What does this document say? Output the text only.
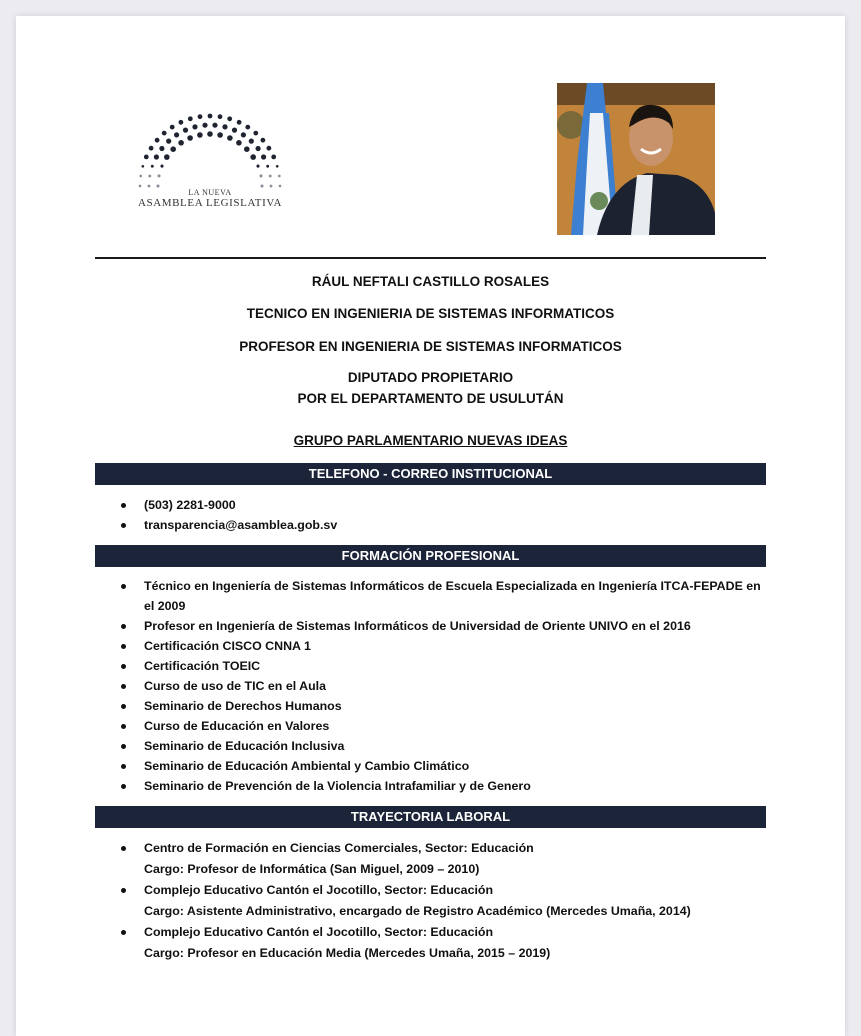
LA NUEVA
ASAMBLEA LEGISLATIVA
RÁUL NEFTALI CASTILLO ROSALES
TECNICO EN INGENIERIA DE SISTEMAS INFORMATICOS
PROFESOR EN INGENIERIA DE SISTEMAS INFORMATICOS
DIPUTADO PROPIETARIO
POR EL DEPARTAMENTO DE USULUTÁN
GRUPO PARLAMENTARIO NUEVAS IDEAS
TELEFONO - CORREO INSTITUCIONAL
(503) 2281-9000
transparencia@asamblea.gob.sv
FORMACIÓN PROFESIONAL
Técnico en Ingeniería de Sistemas Informáticos de Escuela Especializada en Ingeniería ITCA-FEPADE en el 2009
Profesor en Ingeniería de Sistemas Informáticos de Universidad de Oriente UNIVO en el 2016
Certificación CISCO CNNA 1
Certificación TOEIC
Curso de uso de TIC en el Aula
Seminario de Derechos Humanos
Curso de Educación en Valores
Seminario de Educación Inclusiva
Seminario de Educación Ambiental y Cambio Climático
Seminario de Prevención de la Violencia Intrafamiliar y de Genero
TRAYECTORIA LABORAL
Centro de Formación en Ciencias Comerciales, Sector: Educación
Cargo: Profesor de Informática (San Miguel, 2009 – 2010)
Complejo Educativo Cantón el Jocotillo, Sector: Educación
Cargo: Asistente Administrativo, encargado de Registro Académico (Mercedes Umaña, 2014)
Complejo Educativo Cantón el Jocotillo, Sector: Educación
Cargo: Profesor en Educación Media (Mercedes Umaña, 2015 – 2019)
